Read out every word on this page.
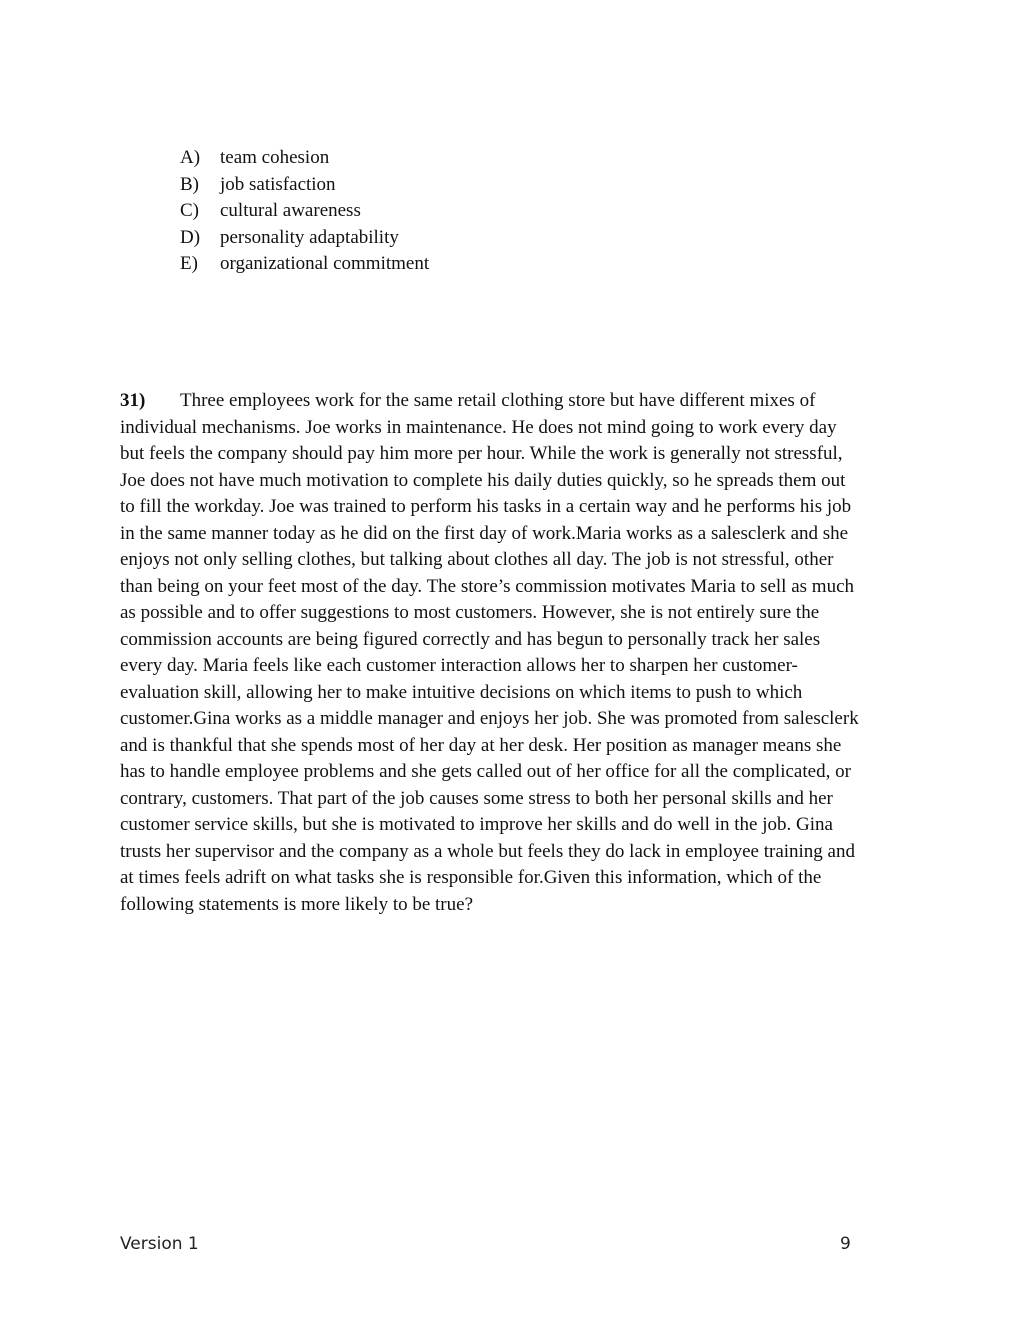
A)	team cohesion
B)	job satisfaction
C)	cultural awareness
D)	personality adaptability
E)	organizational commitment
31) Three employees work for the same retail clothing store but have different mixes of
individual mechanisms. Joe works in maintenance. He does not mind going to work every day
but feels the company should pay him more per hour. While the work is generally not stressful,
Joe does not have much motivation to complete his daily duties quickly, so he spreads them out
to fill the workday. Joe was trained to perform his tasks in a certain way and he performs his job
in the same manner today as he did on the first day of work.Maria works as a salesclerk and she
enjoys not only selling clothes, but talking about clothes all day. The job is not stressful, other
than being on your feet most of the day. The store’s commission motivates Maria to sell as much
as possible and to offer suggestions to most customers. However, she is not entirely sure the
commission accounts are being figured correctly and has begun to personally track her sales
every day. Maria feels like each customer interaction allows her to sharpen her customer-
evaluation skill, allowing her to make intuitive decisions on which items to push to which
customer.Gina works as a middle manager and enjoys her job. She was promoted from salesclerk
and is thankful that she spends most of her day at her desk. Her position as manager means she
has to handle employee problems and she gets called out of her office for all the complicated, or
contrary, customers. That part of the job causes some stress to both her personal skills and her
customer service skills, but she is motivated to improve her skills and do well in the job. Gina
trusts her supervisor and the company as a whole but feels they do lack in employee training and
at times feels adrift on what tasks she is responsible for.Given this information, which of the
following statements is more likely to be true?
Version 1	9
